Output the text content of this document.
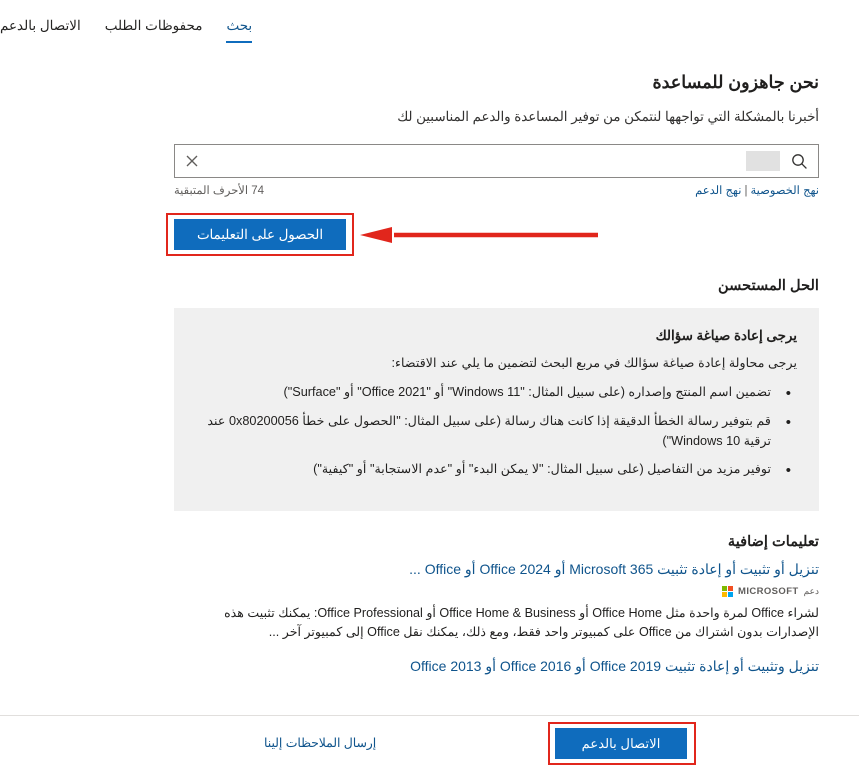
بحث
محفوظات الطلب
الاتصال بالدعم
نحن جاهزون للمساعدة

أخبرنا بالمشكلة التي تواجهها لنتمكن من توفير المساعدة والدعم المناسبين لك

نهج الخصوصية|نهج الدعم
74 الأحرف المتبقية
الحصول على التعليمات
الحل المستحسن
يرجى إعادة صياغة سؤالك

يرجى محاولة إعادة صياغة سؤالك في مربع البحث لتضمين ما يلي عند الاقتضاء:

• تضمين اسم المنتج وإصداره (على سبيل المثال: "Windows 11" أو "Office 2021" أو "Surface")
• قم بتوفير رسالة الخطأ الدقيقة إذا كانت هناك رسالة (على سبيل المثال: "الحصول على خطأ 0x80200056 عند ترقية Windows 10")
• توفير مزيد من التفاصيل (على سبيل المثال: "لا يمكن البدء" أو "عدم الاستجابة" أو "كيفية")
تعليمات إضافية
تنزيل أو تثبيت أو إعادة تثبيت Microsoft 365 أو Office 2024 أو Office ...
دعم
MICROSOFT

لشراء Office لمرة واحدة مثل Office Home أو Office Home & Business أو Office Professional: يمكنك تثبيت هذه الإصدارات بدون اشتراك من Office على كمبيوتر واحد فقط، ومع ذلك، يمكنك نقل Office إلى كمبيوتر آخر ...

تنزيل وتثبيت أو إعادة تثبيت Office 2019 أو Office 2016 أو Office 2013
إرسال الملاحظات إلينا	الاتصال بالدعم
